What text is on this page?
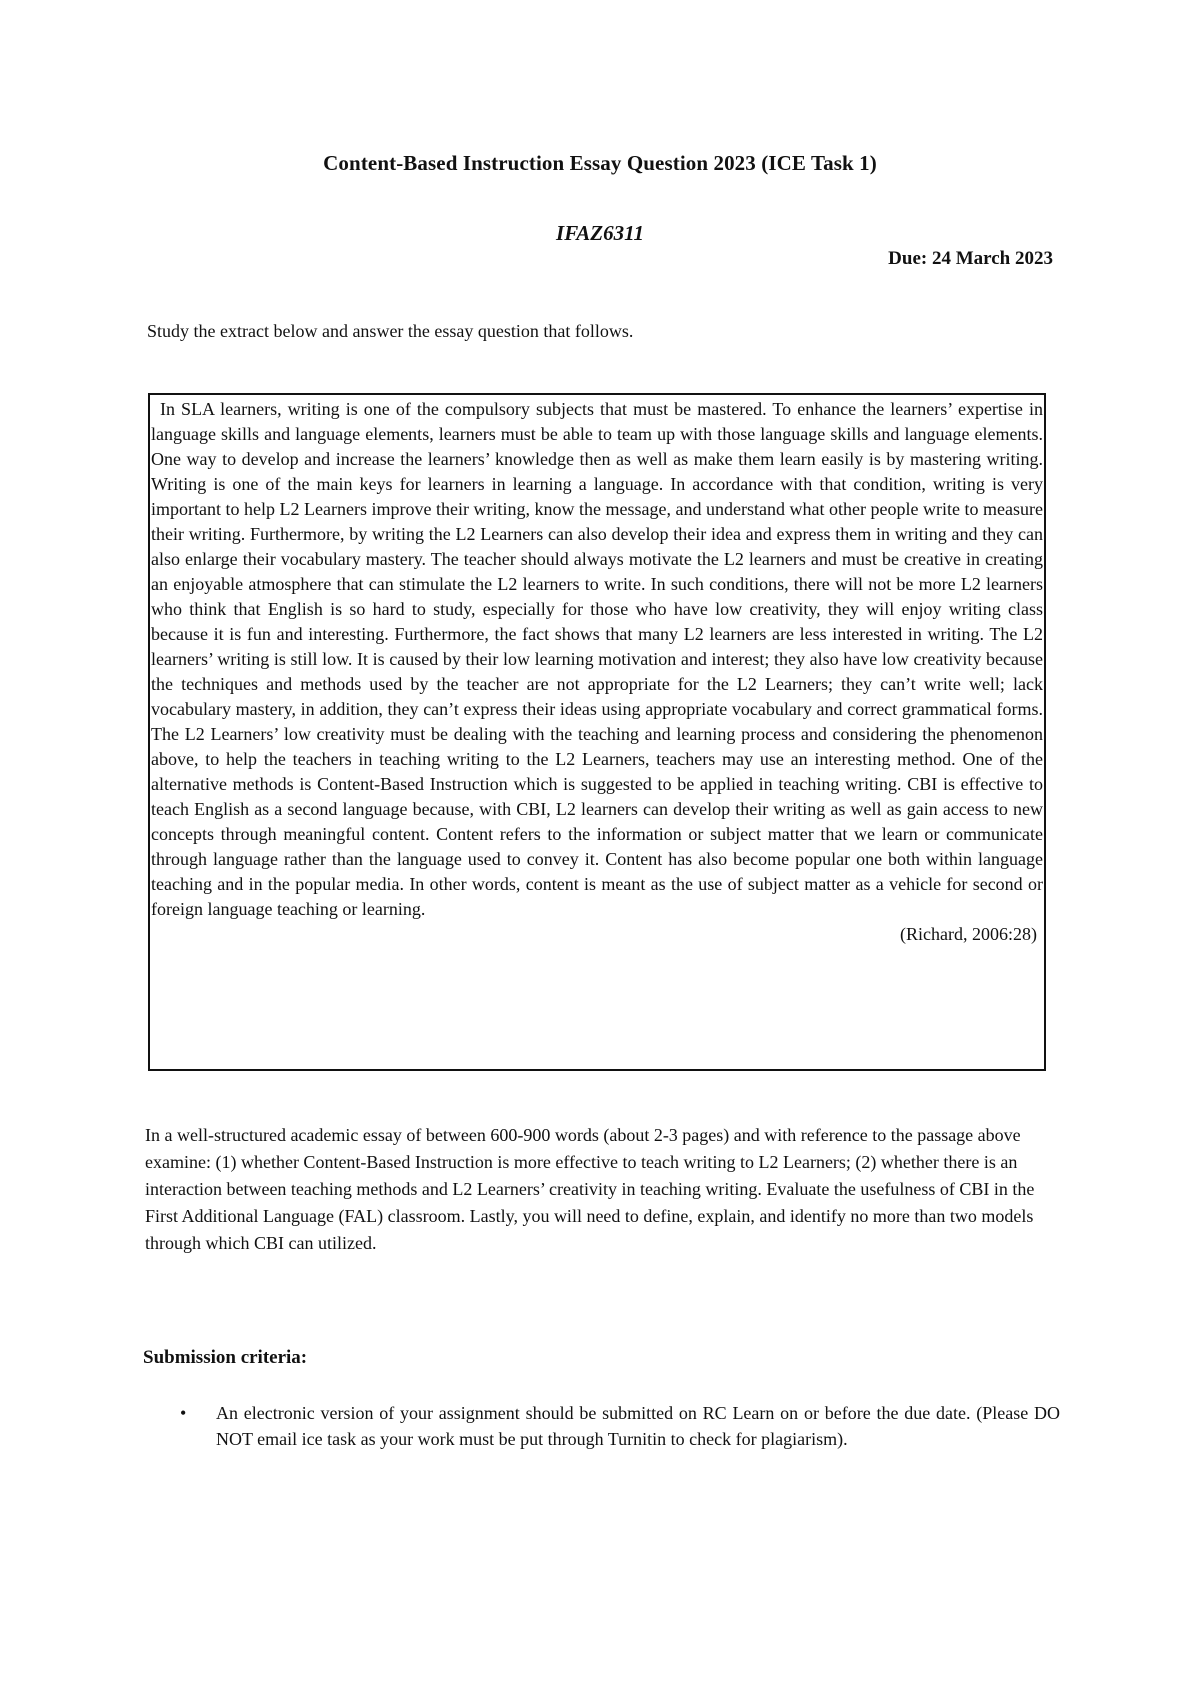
Content-Based Instruction Essay Question 2023 (ICE Task 1)
IFAZ6311
Due: 24 March 2023
Study the extract below and answer the essay question that follows.

In SLA learners, writing is one of the compulsory subjects that must be mastered. To enhance the learners’ expertise in language skills and language elements, learners must be able to team up with those language skills and language elements. One way to develop and increase the learners’ knowledge then as well as make them learn easily is by mastering writing. Writing is one of the main keys for learners in learning a language. In accordance with that condition, writing is very important to help L2 Learners improve their writing, know the message, and understand what other people write to measure their writing. Furthermore, by writing the L2 Learners can also develop their idea and express them in writing and they can also enlarge their vocabulary mastery. The teacher should always motivate the L2 learners and must be creative in creating an enjoyable atmosphere that can stimulate the L2 learners to write. In such conditions, there will not be more L2 learners who think that English is so hard to study, especially for those who have low creativity, they will enjoy writing class because it is fun and interesting. Furthermore, the fact shows that many L2 learners are less interested in writing. The L2 learners’ writing is still low. It is caused by their low learning motivation and interest; they also have low creativity because the techniques and methods used by the teacher are not appropriate for the L2 Learners; they can’t write well; lack vocabulary mastery, in addition, they can’t express their ideas using appropriate vocabulary and correct grammatical forms. The L2 Learners’ low creativity must be dealing with the teaching and learning process and considering the phenomenon above, to help the teachers in teaching writing to the L2 Learners, teachers may use an interesting method. One of the alternative methods is Content-Based Instruction which is suggested to be applied in teaching writing. CBI is effective to teach English as a second language because, with CBI, L2 learners can develop their writing as well as gain access to new concepts through meaningful content. Content refers to the information or subject matter that we learn or communicate through language rather than the language used to convey it. Content has also become popular one both within language teaching and in the popular media. In other words, content is meant as the use of subject matter as a vehicle for second or foreign language teaching or learning.

(Richard, 2006:28)

In a well-structured academic essay of between 600-900 words (about 2-3 pages) and with reference to the passage above examine: (1) whether Content-Based Instruction is more effective to teach writing to L2 Learners; (2) whether there is an interaction between teaching methods and L2 Learners’ creativity in teaching writing. Evaluate the usefulness of CBI in the First Additional Language (FAL) classroom. Lastly, you will need to define, explain, and identify no more than two models through which CBI can utilized.

Submission criteria:
•	An electronic version of your assignment should be submitted on RC Learn on or before the due date. (Please DO NOT email ice task as your work must be put through Turnitin to check for plagiarism).
